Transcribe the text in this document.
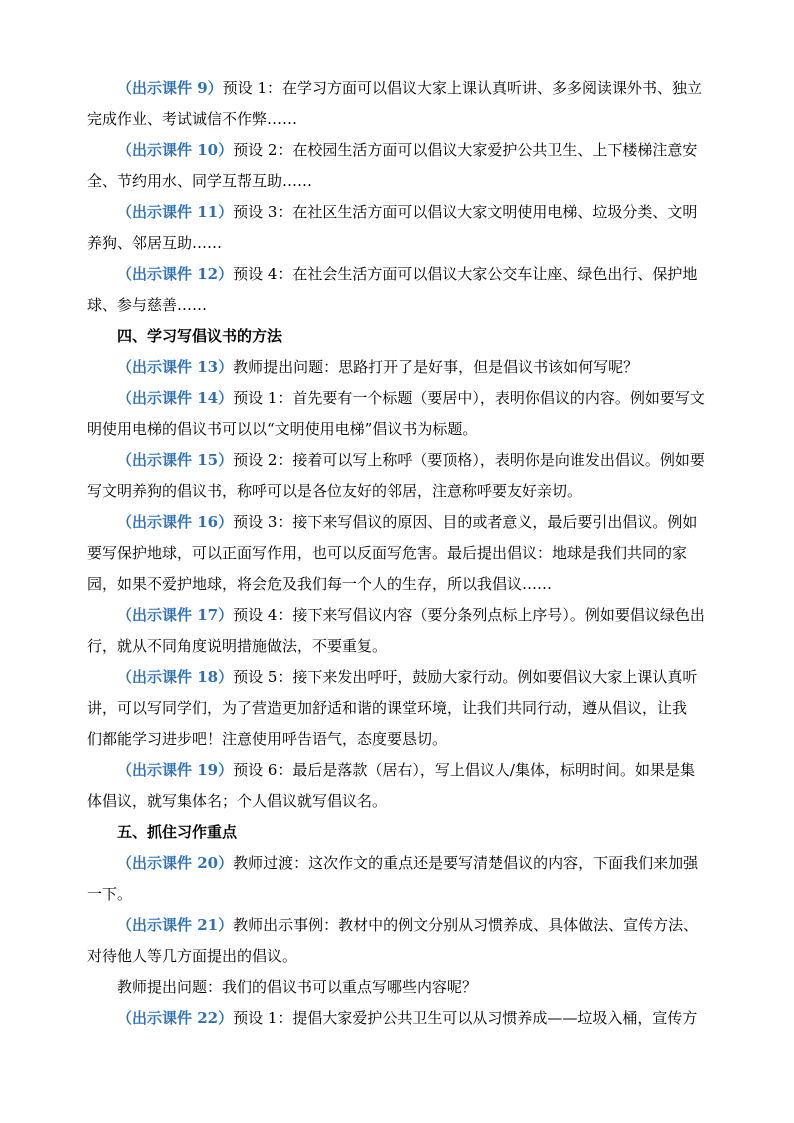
（出示课件 9）预设 1：在学习方面可以倡议大家上课认真听讲、多多阅读课外书、独立
完成作业、考试诚信不作弊……
（出示课件 10）预设 2：在校园生活方面可以倡议大家爱护公共卫生、上下楼梯注意安
全、节约用水、同学互帮互助……
（出示课件 11）预设 3：在社区生活方面可以倡议大家文明使用电梯、垃圾分类、文明
养狗、邻居互助……
（出示课件 12）预设 4：在社会生活方面可以倡议大家公交车让座、绿色出行、保护地
球、参与慈善……
四、学习写倡议书的方法
（出示课件 13）教师提出问题：思路打开了是好事，但是倡议书该如何写呢？
（出示课件 14）预设 1：首先要有一个标题（要居中），表明你倡议的内容。例如要写文
明使用电梯的倡议书可以以“文明使用电梯”倡议书为标题。
（出示课件 15）预设 2：接着可以写上称呼（要顶格），表明你是向谁发出倡议。例如要
写文明养狗的倡议书，称呼可以是各位友好的邻居，注意称呼要友好亲切。
（出示课件 16）预设 3：接下来写倡议的原因、目的或者意义，最后要引出倡议。例如
要写保护地球，可以正面写作用，也可以反面写危害。最后提出倡议：地球是我们共同的家
园，如果不爱护地球，将会危及我们每一个人的生存，所以我倡议……
（出示课件 17）预设 4：接下来写倡议内容（要分条列点标上序号）。例如要倡议绿色出
行，就从不同角度说明措施做法，不要重复。
（出示课件 18）预设 5：接下来发出呼吁，鼓励大家行动。例如要倡议大家上课认真听
讲，可以写同学们，为了营造更加舒适和谐的课堂环境，让我们共同行动，遵从倡议，让我
们都能学习进步吧！注意使用呼告语气，态度要恳切。
（出示课件 19）预设 6：最后是落款（居右），写上倡议人/集体，标明时间。如果是集
体倡议，就写集体名；个人倡议就写倡议名。
五、抓住习作重点
（出示课件 20）教师过渡：这次作文的重点还是要写清楚倡议的内容，下面我们来加强
一下。
（出示课件 21）教师出示事例：教材中的例文分别从习惯养成、具体做法、宣传方法、
对待他人等几方面提出的倡议。
教师提出问题：我们的倡议书可以重点写哪些内容呢？
（出示课件 22）预设 1：提倡大家爱护公共卫生可以从习惯养成——垃圾入桶，宣传方
